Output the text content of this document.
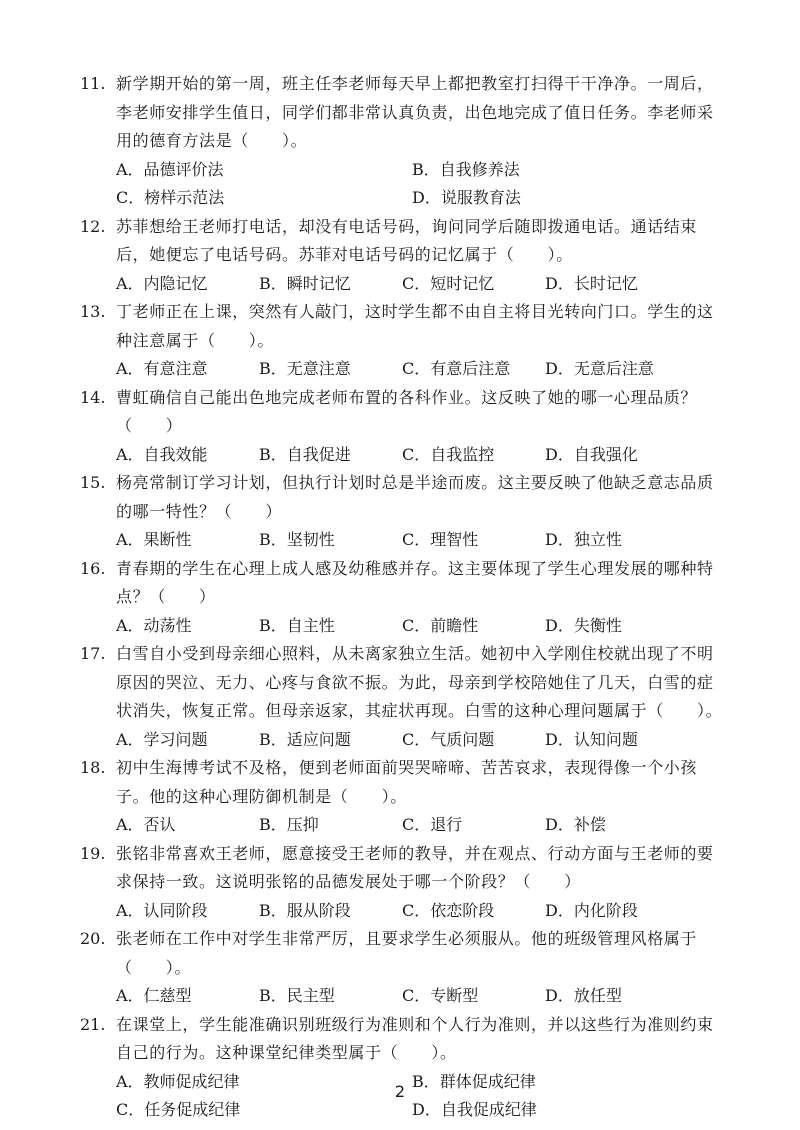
11. 新学期开始的第一周，班主任李老师每天早上都把教室打扫得干干净净。一周后，李老师安排学生值日，同学们都非常认真负责，出色地完成了值日任务。李老师采用的德育方法是（　　）。
A．品德评价法	B．自我修养法
C．榜样示范法	D．说服教育法
12. 苏菲想给王老师打电话，却没有电话号码，询问同学后随即拨通电话。通话结束后，她便忘了电话号码。苏菲对电话号码的记忆属于（　　）。
A．内隐记忆	B．瞬时记忆	C．短时记忆	D．长时记忆
13. 丁老师正在上课，突然有人敲门，这时学生都不由自主将目光转向门口。学生的这种注意属于（　　）。
A．有意注意	B．无意注意	C．有意后注意	D．无意后注意
14. 曹虹确信自己能出色地完成老师布置的各科作业。这反映了她的哪一心理品质？（　　）
A．自我效能	B．自我促进	C．自我监控	D．自我强化
15. 杨亮常制订学习计划，但执行计划时总是半途而废。这主要反映了他缺乏意志品质的哪一特性？（　　）
A．果断性	B．坚韧性	C．理智性	D．独立性
16. 青春期的学生在心理上成人感及幼稚感并存。这主要体现了学生心理发展的哪种特点？（　　）
A．动荡性	B．自主性	C．前瞻性	D．失衡性
17. 白雪自小受到母亲细心照料，从未离家独立生活。她初中入学刚住校就出现了不明原因的哭泣、无力、心疼与食欲不振。为此，母亲到学校陪她住了几天，白雪的症状消失，恢复正常。但母亲返家，其症状再现。白雪的这种心理问题属于（　　）。
A．学习问题	B．适应问题	C．气质问题	D．认知问题
18. 初中生海博考试不及格，便到老师面前哭哭啼啼、苦苦哀求，表现得像一个小孩子。他的这种心理防御机制是（　　）。
A．否认	B．压抑	C．退行	D．补偿
19. 张铭非常喜欢王老师，愿意接受王老师的教导，并在观点、行动方面与王老师的要求保持一致。这说明张铭的品德发展处于哪一个阶段？（　　）
A．认同阶段	B．服从阶段	C．依恋阶段	D．内化阶段
20. 张老师在工作中对学生非常严厉，且要求学生必须服从。他的班级管理风格属于（　　）。
A．仁慈型	B．民主型	C．专断型	D．放任型
21. 在课堂上，学生能准确识别班级行为准则和个人行为准则，并以这些行为准则约束自己的行为。这种课堂纪律类型属于（　　）。
A．教师促成纪律	B．群体促成纪律
C．任务促成纪律	D．自我促成纪律
2
